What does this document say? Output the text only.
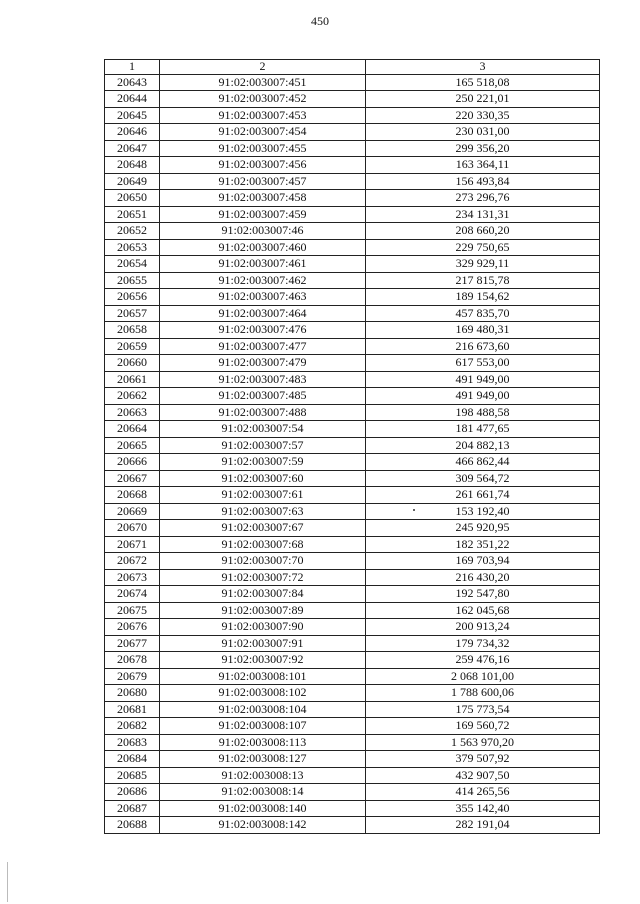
450
1	2	3
20643	91:02:003007:451	165 518,08
20644	91:02:003007:452	250 221,01
20645	91:02:003007:453	220 330,35
20646	91:02:003007:454	230 031,00
20647	91:02:003007:455	299 356,20
20648	91:02:003007:456	163 364,11
20649	91:02:003007:457	156 493,84
20650	91:02:003007:458	273 296,76
20651	91:02:003007:459	234 131,31
20652	91:02:003007:46	208 660,20
20653	91:02:003007:460	229 750,65
20654	91:02:003007:461	329 929,11
20655	91:02:003007:462	217 815,78
20656	91:02:003007:463	189 154,62
20657	91:02:003007:464	457 835,70
20658	91:02:003007:476	169 480,31
20659	91:02:003007:477	216 673,60
20660	91:02:003007:479	617 553,00
20661	91:02:003007:483	491 949,00
20662	91:02:003007:485	491 949,00
20663	91:02:003007:488	198 488,58
20664	91:02:003007:54	181 477,65
20665	91:02:003007:57	204 882,13
20666	91:02:003007:59	466 862,44
20667	91:02:003007:60	309 564,72
20668	91:02:003007:61	261 661,74
20669	91:02:003007:63	153 192,40
20670	91:02:003007:67	245 920,95
20671	91:02:003007:68	182 351,22
20672	91:02:003007:70	169 703,94
20673	91:02:003007:72	216 430,20
20674	91:02:003007:84	192 547,80
20675	91:02:003007:89	162 045,68
20676	91:02:003007:90	200 913,24
20677	91:02:003007:91	179 734,32
20678	91:02:003007:92	259 476,16
20679	91:02:003008:101	2 068 101,00
20680	91:02:003008:102	1 788 600,06
20681	91:02:003008:104	175 773,54
20682	91:02:003008:107	169 560,72
20683	91:02:003008:113	1 563 970,20
20684	91:02:003008:127	379 507,92
20685	91:02:003008:13	432 907,50
20686	91:02:003008:14	414 265,56
20687	91:02:003008:140	355 142,40
20688	91:02:003008:142	282 191,04
